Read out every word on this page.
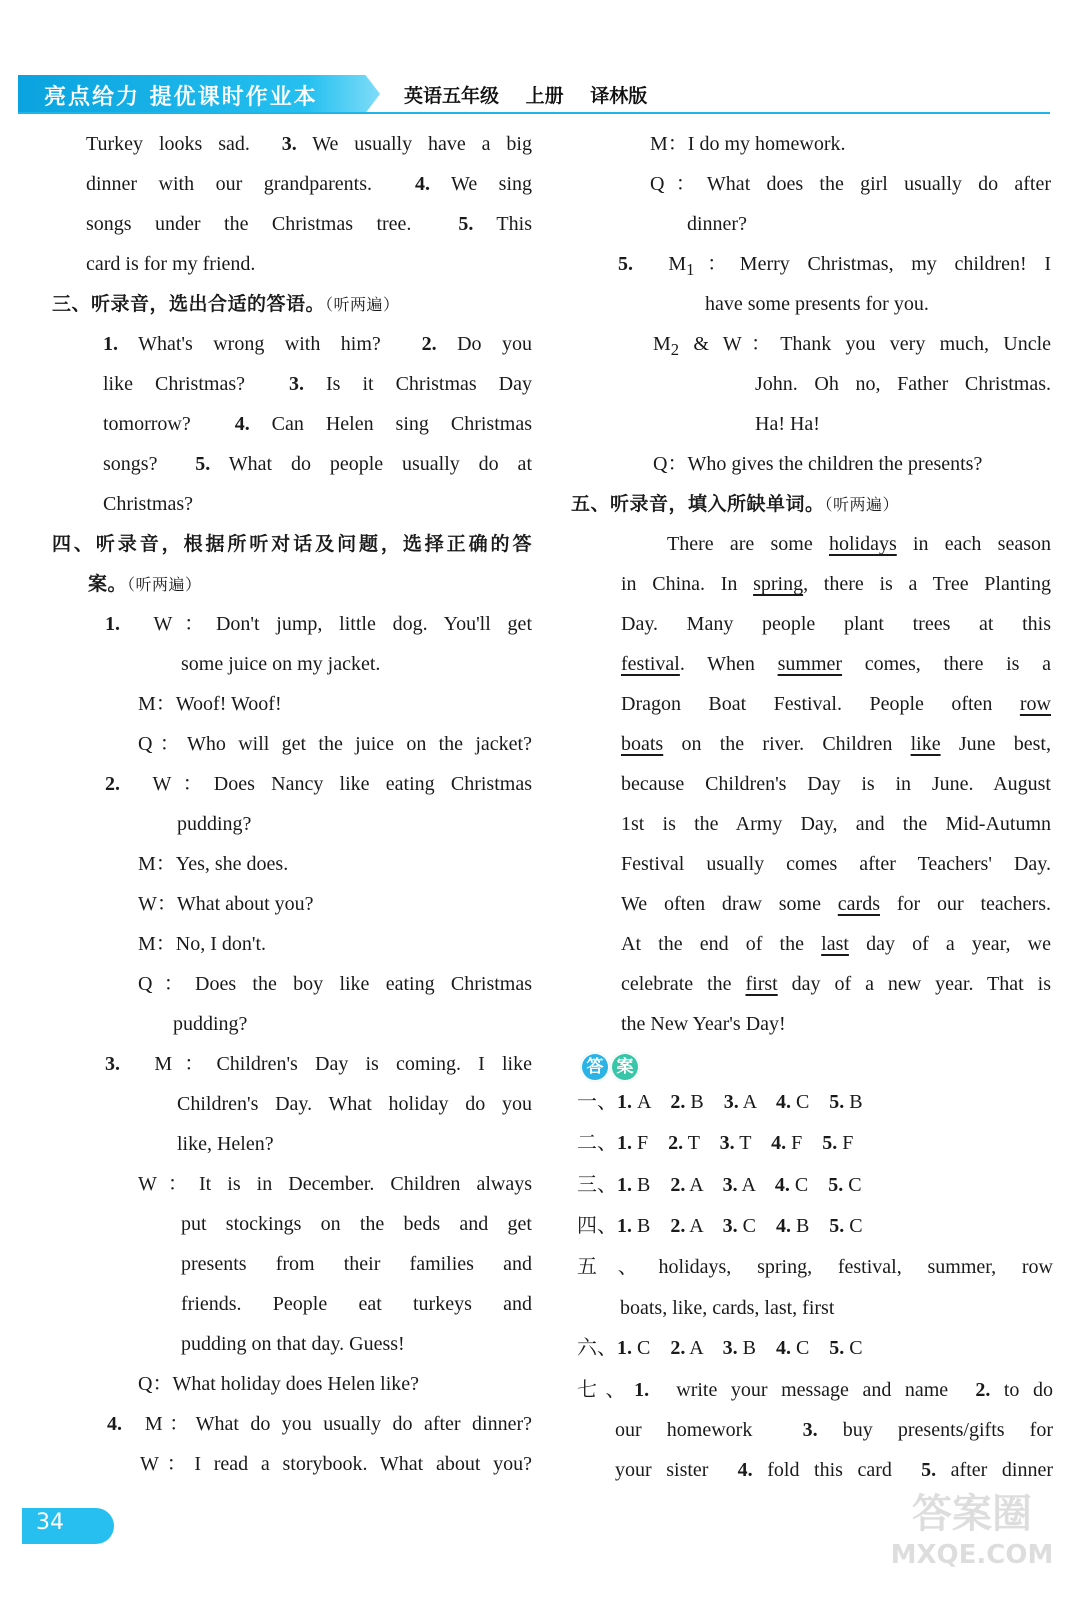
亮点给力 提优课时作业本	英语五年级 上册 译林版
Turkey looks sad.  3. We usually have a big
dinner with our grandparents.  4. We sing
songs under the Christmas tree.  5. This
card is for my friend.
三、听录音，选出合适的答语。（听两遍）
1. What's wrong with him?  2. Do you
like Christmas?  3. Is it Christmas Day
tomorrow?  4. Can Helen sing Christmas
songs?  5. What do people usually do at
Christmas?
四、听录音，根据所听对话及问题，选择正确的答
案。（听两遍）
1.  W：Don't jump, little dog. You'll get
some juice on my jacket.
M：Woof! Woof!
Q：Who will get the juice on the jacket?
2.  W：Does Nancy like eating Christmas
pudding?
M：Yes, she does.
W：What about you?
M：No, I don't.
Q：Does the boy like eating Christmas
pudding?
3.  M：Children's Day is coming. I like
Children's Day. What holiday do you
like, Helen?
W：It is in December. Children always
put stockings on the beds and get
presents from their families and
friends. People eat turkeys and
pudding on that day. Guess!
Q：What holiday does Helen like?
4.  M：What do you usually do after dinner?
W：I read a storybook. What about you?
M：I do my homework.
Q：What does the girl usually do after
dinner?
5.  $M_1$：Merry Christmas, my children! I
have some presents for you.
$M_2$ & W：Thank you very much, Uncle
John. Oh no, Father Christmas.
Ha! Ha!
Q：Who gives the children the presents?
五、听录音，填入所缺单词。（听两遍）
There are some holidays in each season
in China. In spring, there is a Tree Planting
Day. Many people plant trees at this
festival. When summer comes, there is a
Dragon Boat Festival. People often row
boats on the river. Children like June best,
because Children's Day is in June. August
1st is the Army Day, and the Mid-Autumn
Festival usually comes after Teachers' Day.
We often draw some cards for our teachers.
At the end of the last day of a year, we
celebrate the first day of a new year. That is
the New Year's Day!
答 案
一、1. A    2. B    3. A    4. C    5. B
二、1. F    2. T    3. T    4. F    5. F
三、1. B    2. A    3. A    4. C    5. C
四、1. B    2. A    3. C    4. B    5. C
五、holidays, spring, festival, summer, row
boats, like, cards, last, first
六、1. C    2. A    3. B    4. C    5. C
七、1.  write your message and name  2. to do
our homework  3. buy presents/gifts for
your sister  4. fold this card  5. after dinner
34	答案圈
MXQE.COM
